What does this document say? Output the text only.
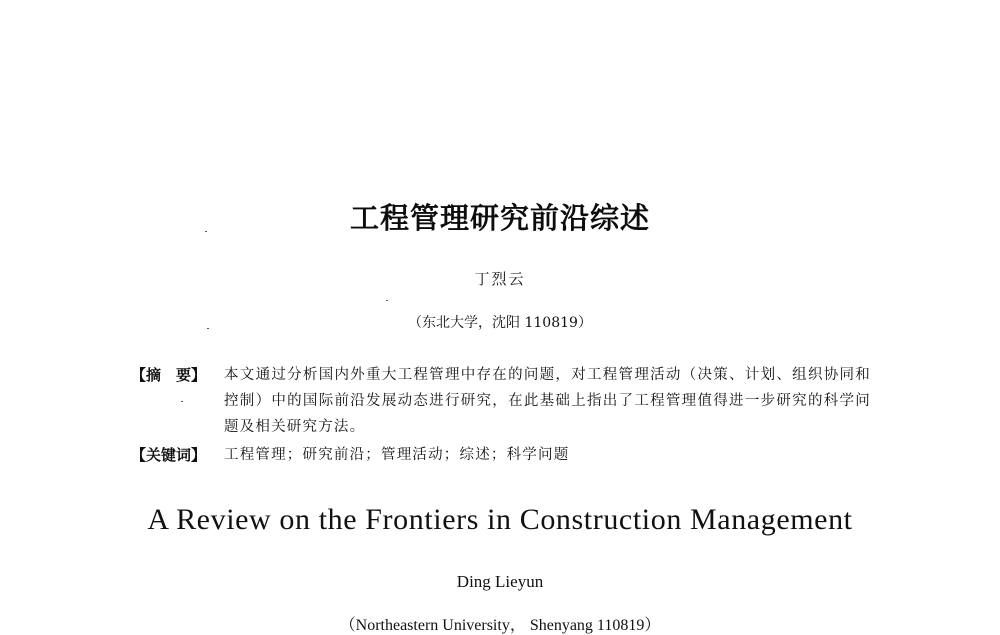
工程管理研究前沿综述
丁烈云
（东北大学，沈阳 110819）
【摘　要】	本文通过分析国内外重大工程管理中存在的问题，对工程管理活动（决策、计划、组织协同和控制）中的国际前沿发展动态进行研究，在此基础上指出了工程管理值得进一步研究的科学问题及相关研究方法。
【关键词】	工程管理；研究前沿；管理活动；综述；科学问题
A Review on the Frontiers in Construction Management
Ding Lieyun
（Northeastern University， Shenyang 110819）
